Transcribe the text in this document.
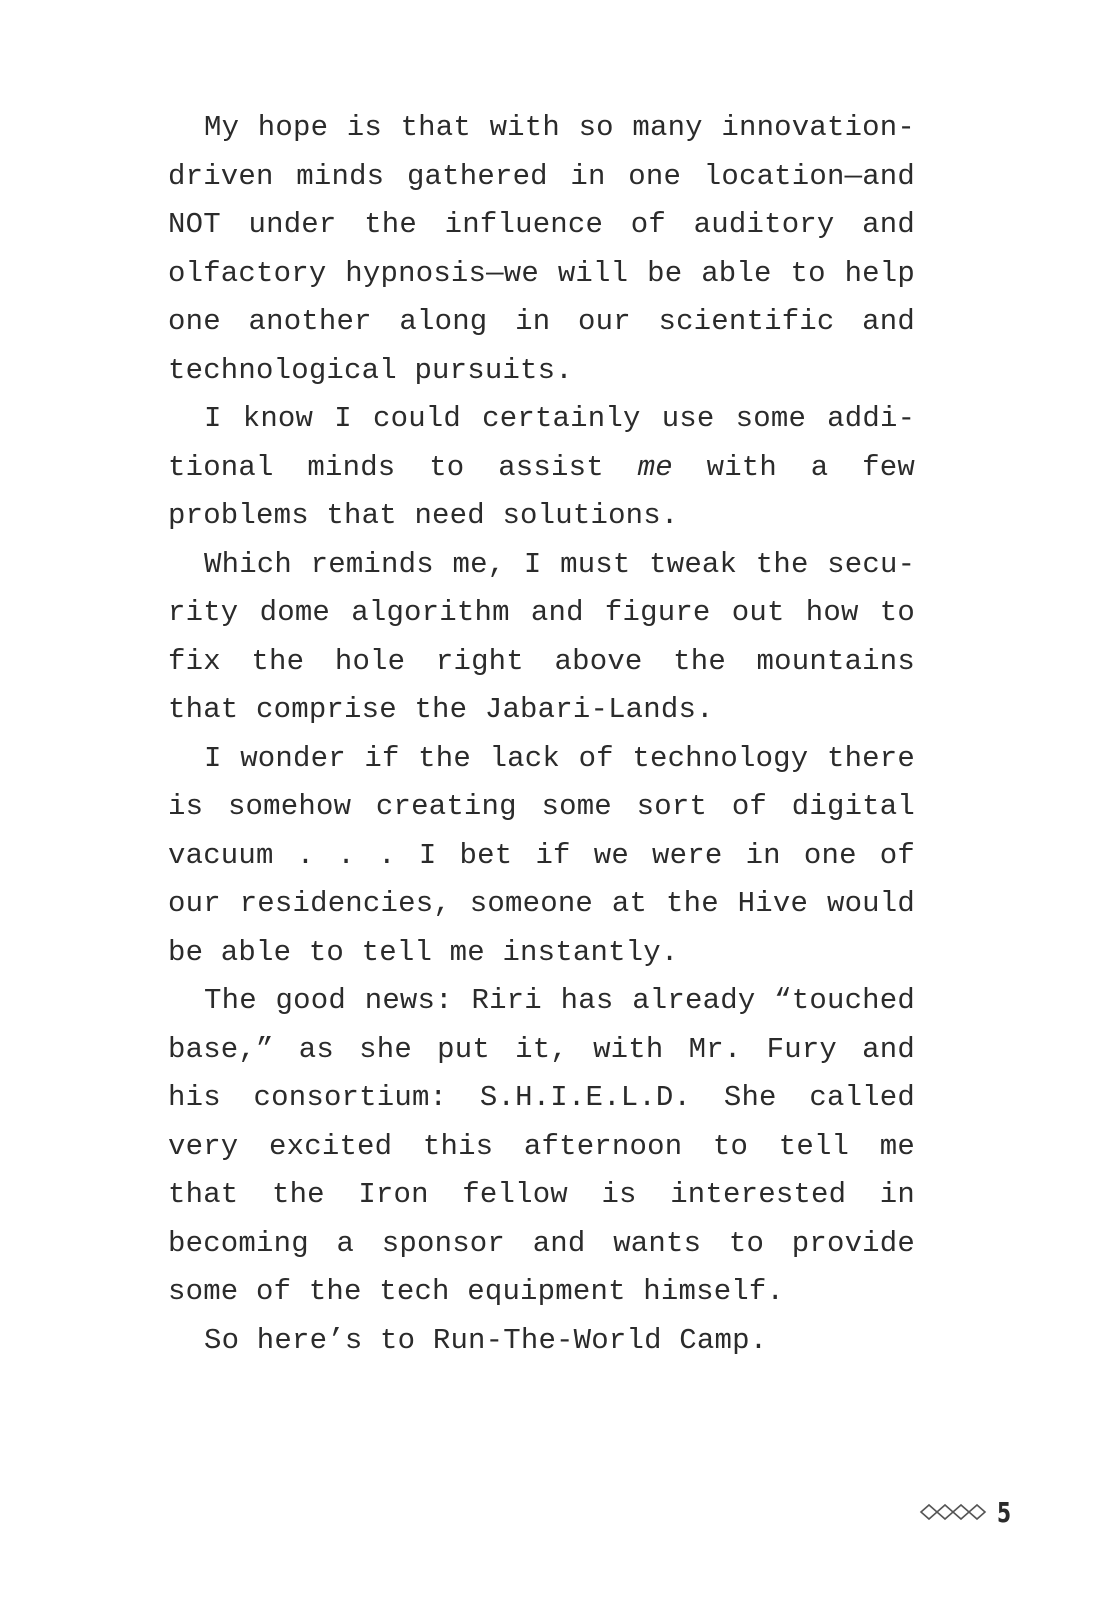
My hope is that with so many innovation-driven minds gathered in one location—and NOT under the influence of auditory and olfactory hypnosis—we will be able to help one another along in our scientific and technological pursuits.

I know I could certainly use some additional minds to assist me with a few problems that need solutions.

Which reminds me, I must tweak the security dome algorithm and figure out how to fix the hole right above the mountains that comprise the Jabari-Lands.

I wonder if the lack of technology there is somehow creating some sort of digital vacuum . . . I bet if we were in one of our residencies, someone at the Hive would be able to tell me instantly.

The good news: Riri has already “touched base,” as she put it, with Mr. Fury and his consortium: S.H.I.E.L.D. She called very excited this afternoon to tell me that the Iron fellow is interested in becoming a sponsor and wants to provide some of the tech equipment himself.

So here’s to Run-The-World Camp.

5
